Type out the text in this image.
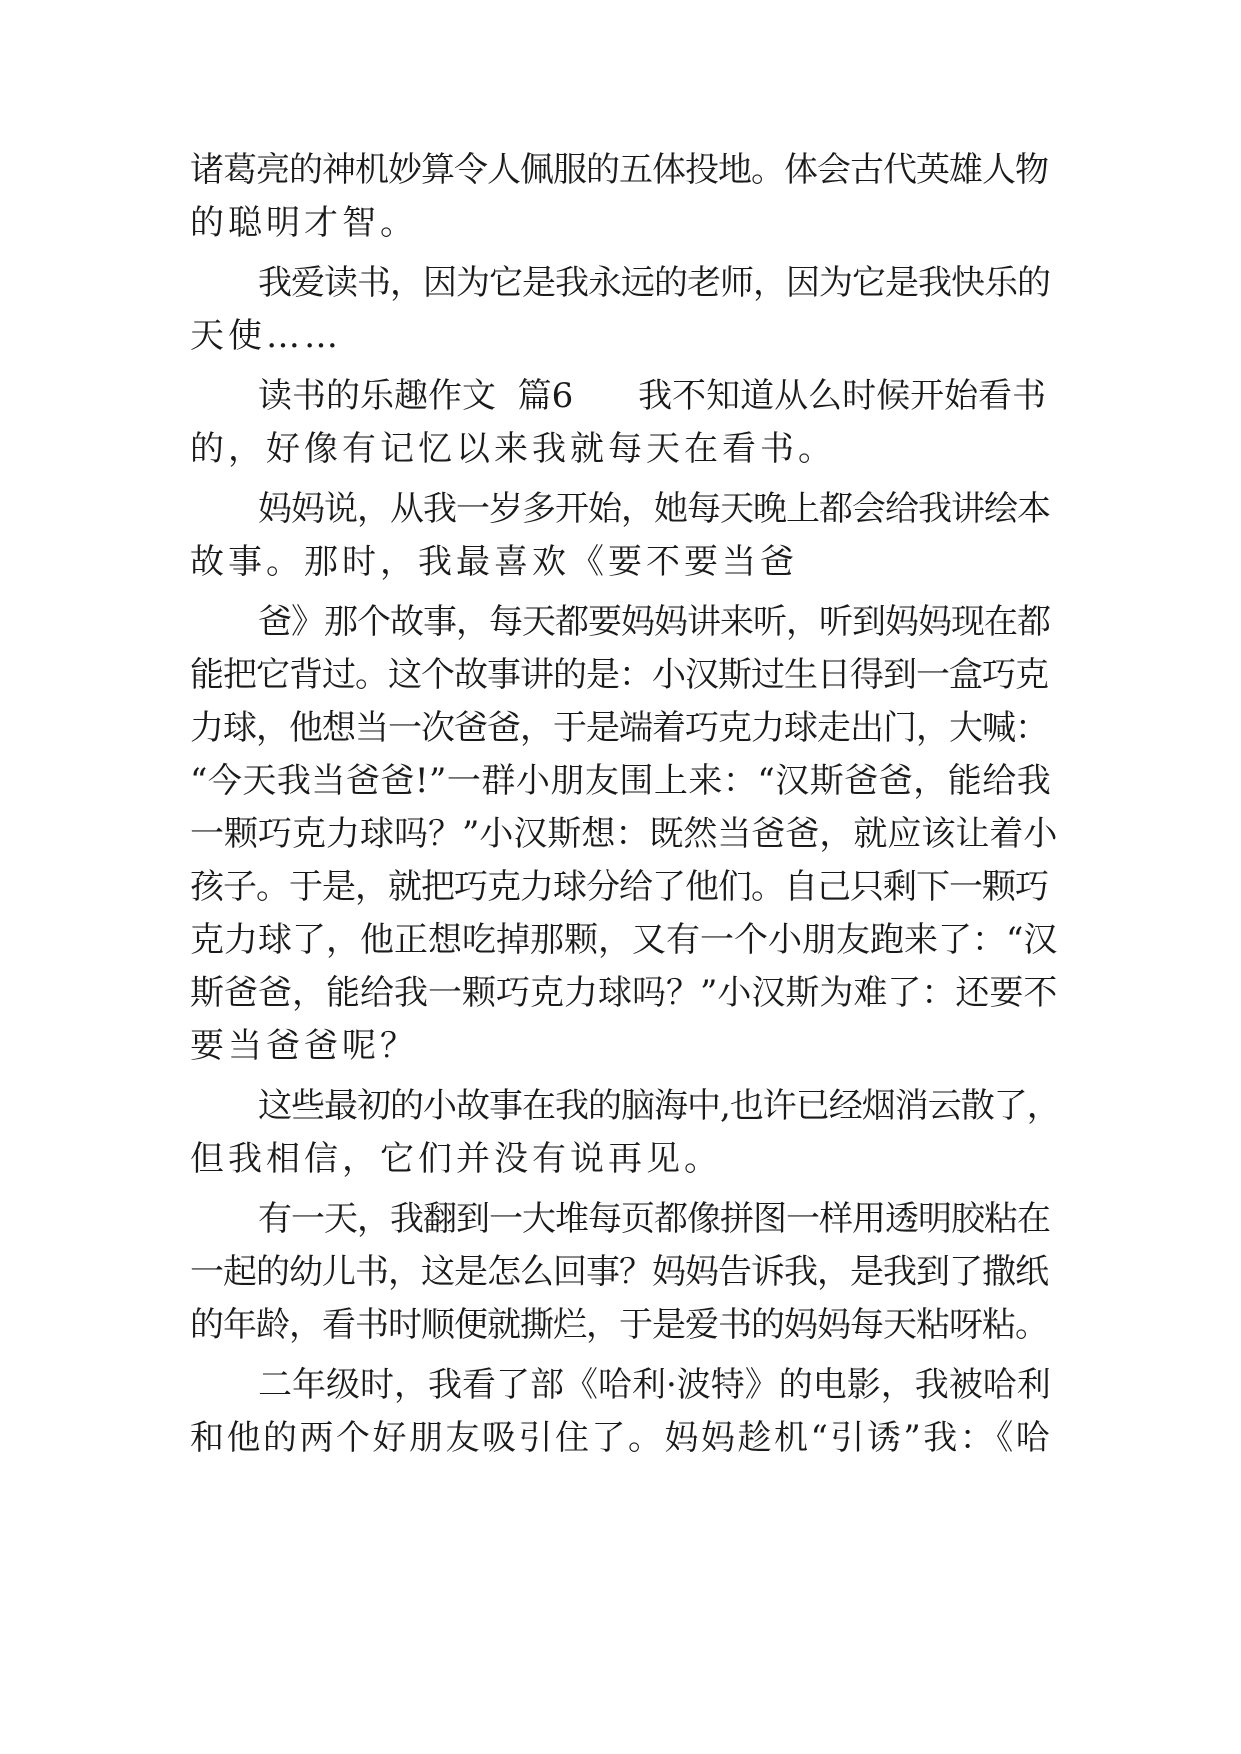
诸葛亮的神机妙算令人佩服的五体投地。体会古代英雄人物
的聪明才智。
我爱读书，因为它是我永远的老师，因为它是我快乐的
天使……
读书的乐趣作文  篇6      我不知道从么时候开始看书
的，好像有记忆以来我就每天在看书。
妈妈说，从我一岁多开始，她每天晚上都会给我讲绘本
故事。那时，我最喜欢《要不要当爸
爸》那个故事，每天都要妈妈讲来听，听到妈妈现在都
能把它背过。这个故事讲的是：小汉斯过生日得到一盒巧克
力球，他想当一次爸爸，于是端着巧克力球走出门，大喊：
“今天我当爸爸!”一群小朋友围上来：“汉斯爸爸，能给我
一颗巧克力球吗？”小汉斯想：既然当爸爸，就应该让着小
孩子。于是，就把巧克力球分给了他们。自己只剩下一颗巧
克力球了，他正想吃掉那颗，又有一个小朋友跑来了：“汉
斯爸爸，能给我一颗巧克力球吗？”小汉斯为难了：还要不
要当爸爸呢？
这些最初的小故事在我的脑海中,也许已经烟消云散了，
但我相信，它们并没有说再见。
有一天，我翻到一大堆每页都像拼图一样用透明胶粘在
一起的幼儿书，这是怎么回事？妈妈告诉我，是我到了撒纸
的年龄，看书时顺便就撕烂，于是爱书的妈妈每天粘呀粘。
二年级时，我看了部《哈利·波特》的电影，我被哈利
和他的两个好朋友吸引住了。妈妈趁机“引诱”我：《哈
